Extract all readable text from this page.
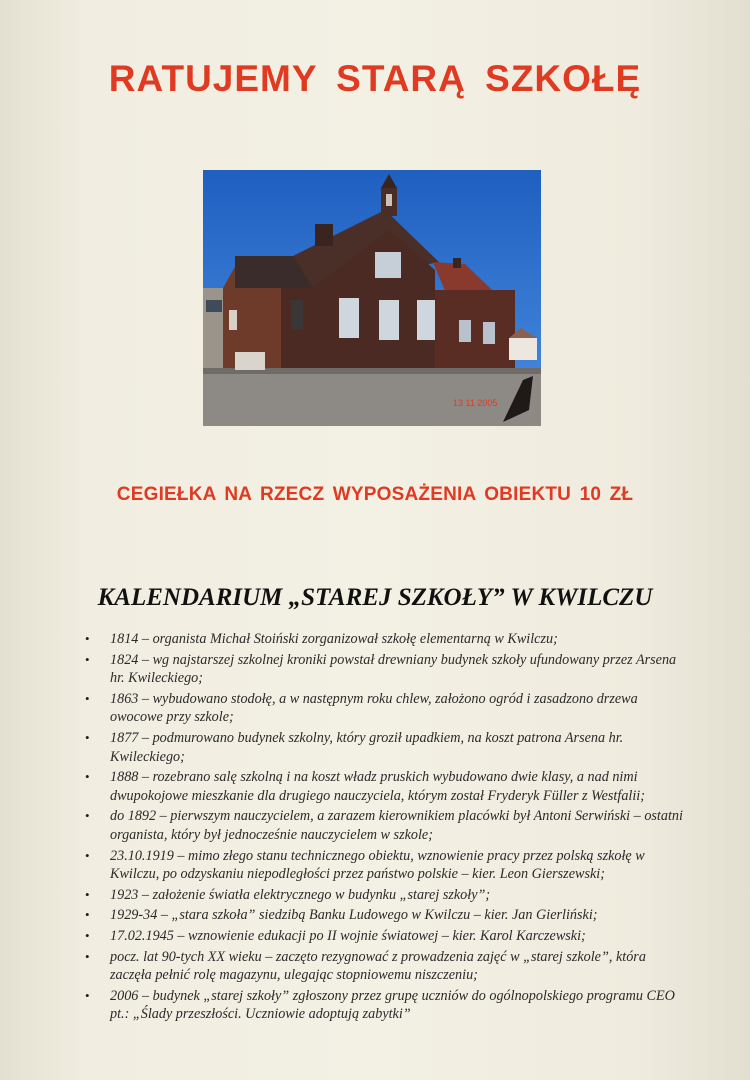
RATUJEMY STARĄ SZKOŁĘ
13 11 2005
CEGIEŁKA NA RZECZ WYPOSAŻENIA OBIEKTU 10 ZŁ
KALENDARIUM „STAREJ SZKOŁY” W KWILCZU
• 1814 – organista Michał Stoiński zorganizował szkołę elementarną w Kwilczu;
• 1824 – wg najstarszej szkolnej kroniki powstał drewniany budynek szkoły ufundowany przez Arsena hr. Kwileckiego;
• 1863 – wybudowano stodołę, a w następnym roku chlew, założono ogród i zasadzono drzewa owocowe przy szkole;
• 1877 – podmurowano budynek szkolny, który groził upadkiem, na koszt patrona Arsena hr. Kwileckiego;
• 1888 – rozebrano salę szkolną i na koszt władz pruskich wybudowano dwie klasy, a nad nimi dwupokojowe mieszkanie dla drugiego nauczyciela, którym został Fryderyk Füller z Westfalii;
• do 1892 – pierwszym nauczycielem, a zarazem kierownikiem placówki był Antoni Serwiński – ostatni organista, który był jednocześnie nauczycielem w szkole;
• 23.10.1919 – mimo złego stanu technicznego obiektu, wznowienie pracy przez polską szkołę w Kwilczu, po odzyskaniu niepodległości przez państwo polskie – kier. Leon Gierszewski;
• 1923 – założenie światła elektrycznego w budynku „starej szkoły”;
• 1929-34 – „stara szkoła” siedzibą Banku Ludowego w Kwilczu – kier. Jan Gierliński;
• 17.02.1945 – wznowienie edukacji po II wojnie światowej – kier. Karol Karczewski;
• pocz. lat 90-tych XX wieku – zaczęto rezygnować z prowadzenia zajęć w „starej szkole”, która zaczęła pełnić rolę magazynu, ulegając stopniowemu niszczeniu;
• 2006 – budynek „starej szkoły” zgłoszony przez grupę uczniów do ogólnopolskiego programu CEO pt.: „Ślady przeszłości. Uczniowie adoptują zabytki”
